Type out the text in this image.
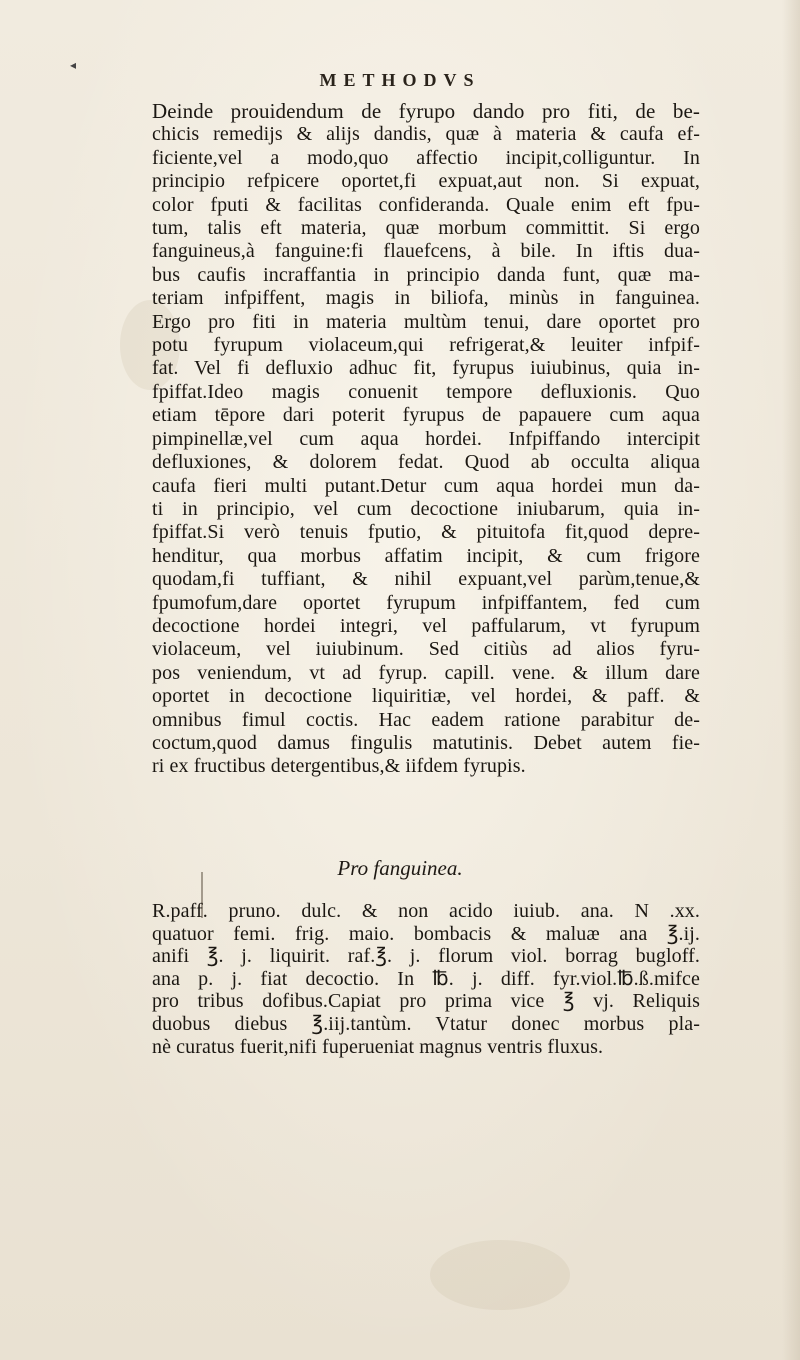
◂
METHODVS
Deinde prouidendum de fyrupo dando pro fiti, de be-
chicis remedijs & alijs dandis, quæ à materia & caufa ef-
ficiente,vel a modo,quo affectio incipit,colliguntur. In
principio refpicere oportet,fi expuat,aut non. Si expuat,
color fputi & facilitas confideranda. Quale enim eft fpu-
tum, talis eft materia, quæ morbum committit. Si ergo
fanguineus,à fanguine:fi flauefcens, à bile. In iftis dua-
bus caufis incraffantia in principio danda funt, quæ ma-
teriam infpiffent, magis in biliofa, minùs in fanguinea.
Ergo pro fiti in materia multùm tenui, dare oportet pro
potu fyrupum violaceum,qui refrigerat,& leuiter infpif-
fat. Vel fi defluxio adhuc fit, fyrupus iuiubinus, quia in-
fpiffat.Ideo magis conuenit tempore defluxionis. Quo
etiam tēpore dari poterit fyrupus de papauere cum aqua
pimpinellæ,vel cum aqua hordei. Infpiffando intercipit
defluxiones, & dolorem fedat. Quod ab occulta aliqua
caufa fieri multi putant.Detur cum aqua hordei mun da-
ti in principio, vel cum decoctione iniubarum, quia in-
fpiffat.Si verò tenuis fputio, & pituitofa fit,quod depre-
henditur, qua morbus affatim incipit, & cum frigore
quodam,fi tuffiant, & nihil expuant,vel parùm,tenue,&
fpumofum,dare oportet fyrupum infpiffantem, fed cum
decoctione hordei integri, vel paffularum, vt fyrupum
violaceum, vel iuiubinum. Sed citiùs ad alios fyru-
pos veniendum, vt ad fyrup. capill. vene. & illum dare
oportet in decoctione liquiritiæ, vel hordei, & paff. &
omnibus fimul coctis. Hac eadem ratione parabitur de-
coctum,quod damus fingulis matutinis. Debet autem fie-
ri ex fructibus detergentibus,& iifdem fyrupis.
Pro fanguinea.
R.paff. pruno. dulc. & non acido iuiub. ana. N .xx.
quatuor femi. frig. maio. bombacis & maluæ ana ℥.ij.
anifi ℥. j. liquirit. raf.℥. j. florum viol. borrag bugloff.
ana p. j. fiat decoctio. In ℔. j. diff. fyr.viol.℔.ß.mifce
pro tribus dofibus.Capiat pro prima vice ℥ vj. Reliquis
duobus diebus ℥.iij.tantùm. Vtatur donec morbus pla-
nè curatus fuerit,nifi fuperueniat magnus ventris fluxus.
